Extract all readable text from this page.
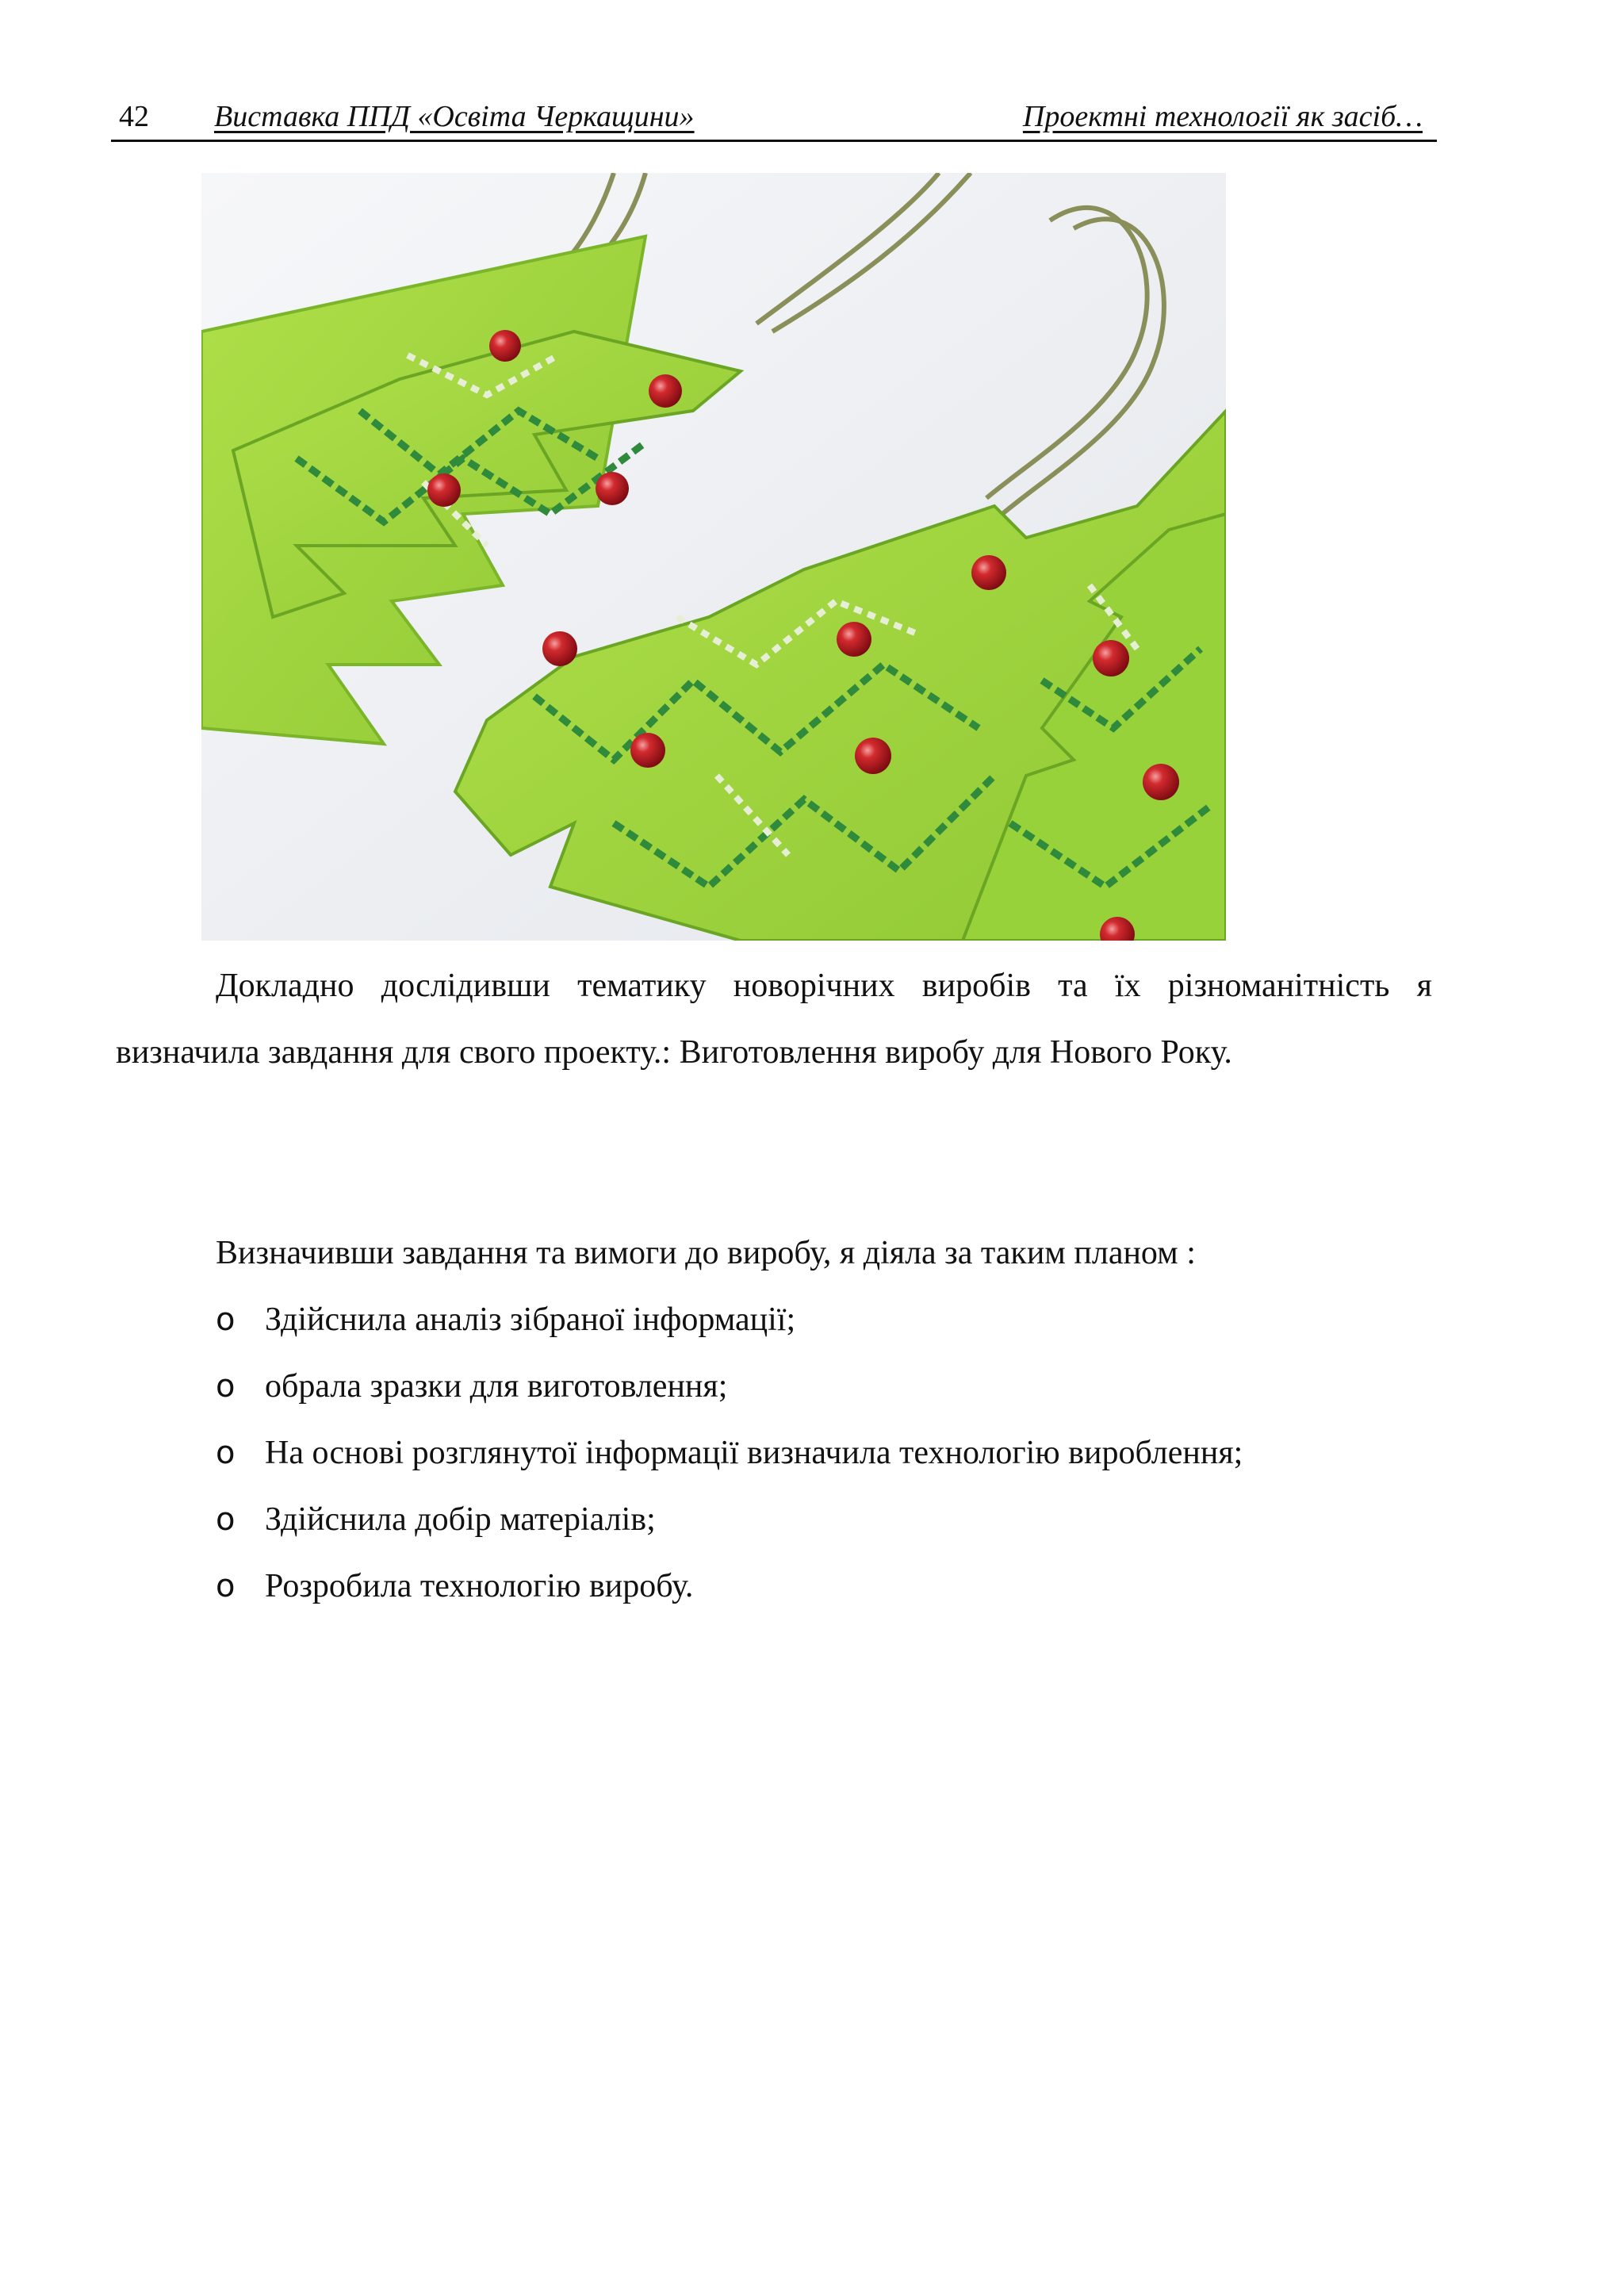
42 Виставка ППД «Освіта Черкащини»	Проектні технології як засіб…

Докладно дослідивши тематику новорічних виробів та їх різноманітність я визначила завдання для свого проекту.: Виготовлення виробу для Нового Року.

Визначивши завдання та вимоги до виробу, я діяла за таким планом :

o Здійснила аналіз зібраної інформації;
o обрала зразки для виготовлення;
o На основі розглянутої інформації визначила технологію вироблення;
o Здійснила добір матеріалів;
o Розробила технологію виробу.
